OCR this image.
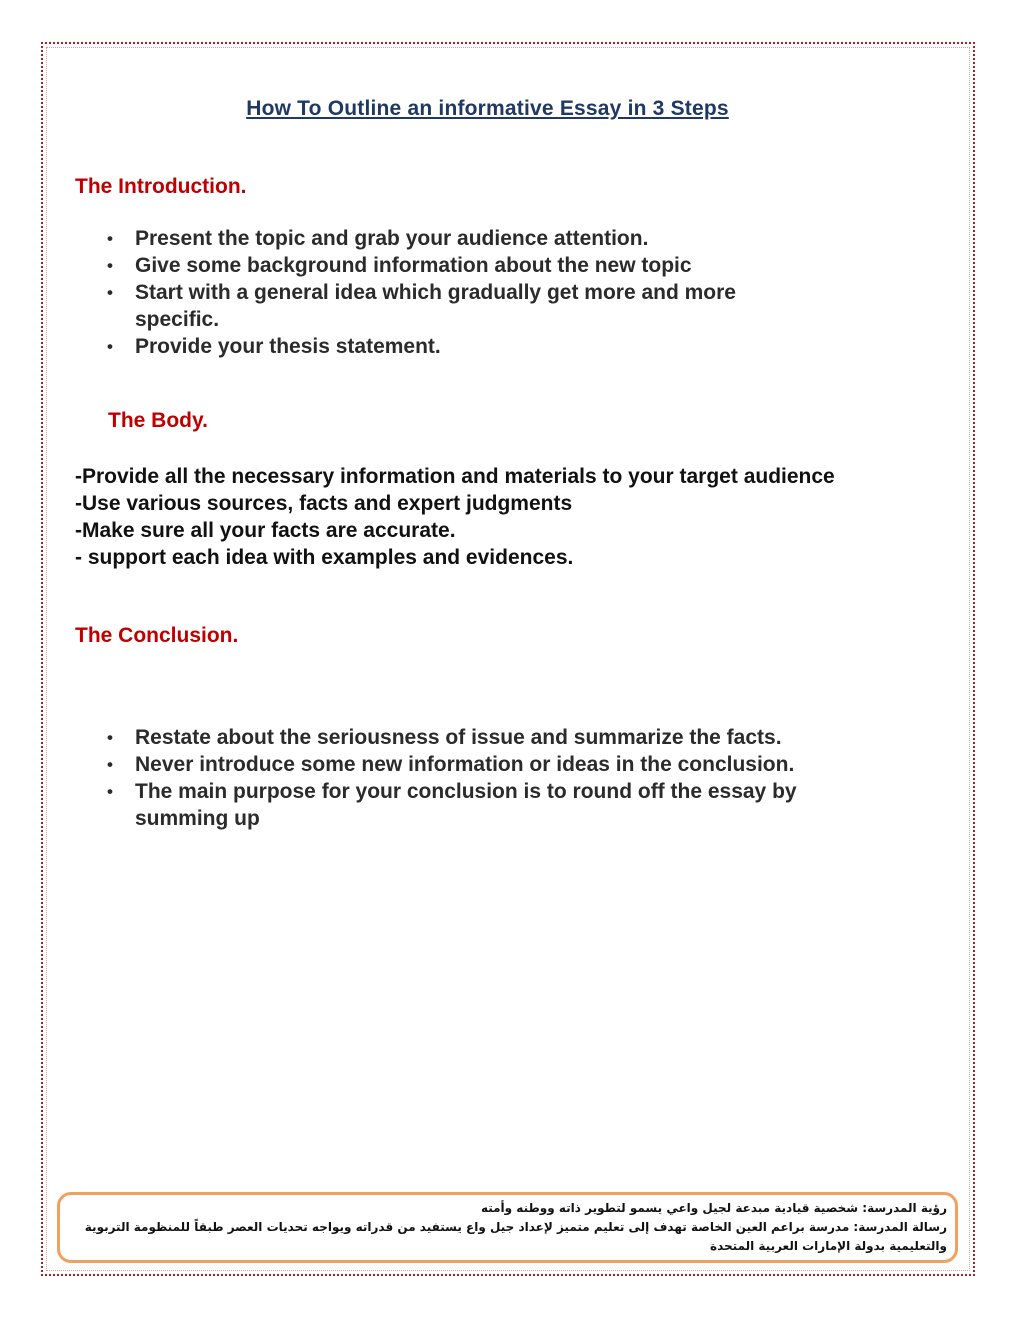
How To Outline an informative Essay in 3 Steps
The Introduction.
• Present the topic and grab your audience attention.
• Give some background information about the new topic
• Start with a general idea which gradually get more and more specific.
• Provide your thesis statement.
The Body.
-Provide all the necessary information and materials to your target audience
-Use various sources, facts and expert judgments
-Make sure all your facts are accurate.
- support each idea with examples and evidences.
The Conclusion.
• Restate about the seriousness of issue and summarize the facts.
• Never introduce some new information or ideas in the conclusion.
• The main purpose for your conclusion is to round off the essay by summing up
رؤية المدرسة: شخصية قيادية مبدعة لجيل واعي يسمو لتطوير ذاته ووطنه وأمته
رسالة المدرسة: مدرسة براعم العين الخاصة تهدف إلى تعليم متميز لإعداد جيل واع يستفيد من قدراته ويواجه تحديات العصر طبقاً للمنظومة التربوية والتعليمية بدولة الإمارات العربية المتحدة
